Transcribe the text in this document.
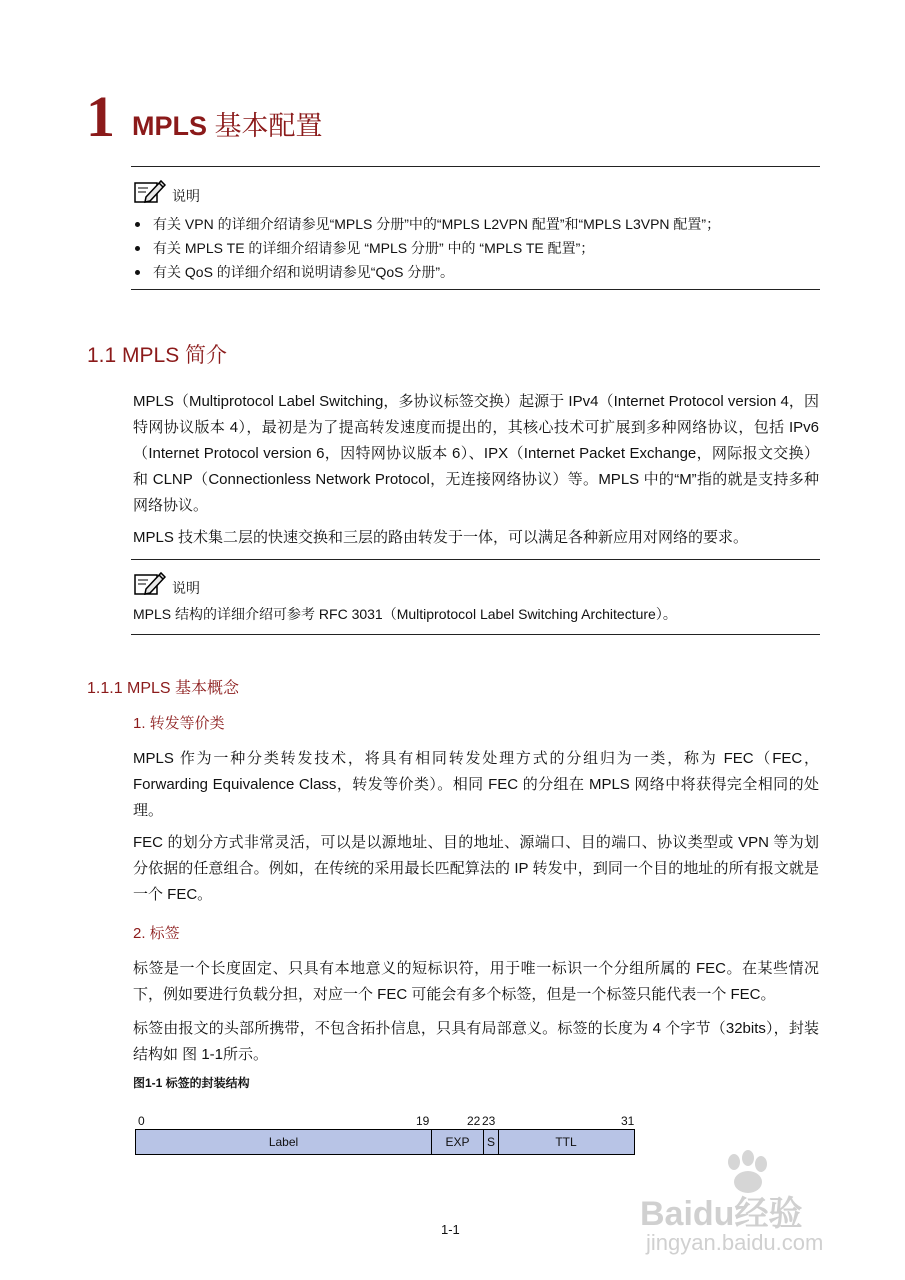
1 MPLS 基本配置
说明
有关 VPN 的详细介绍请参见“MPLS 分册”中的“MPLS L2VPN 配置”和“MPLS L3VPN 配置”；
有关 MPLS TE 的详细介绍请参见 “MPLS 分册” 中的 “MPLS TE 配置”；
有关 QoS 的详细介绍和说明请参见“QoS 分册”。
1.1 MPLS 简介
MPLS（Multiprotocol Label Switching，多协议标签交换）起源于 IPv4（Internet Protocol version 4，因特网协议版本 4），最初是为了提高转发速度而提出的，其核心技术可扩展到多种网络协议，包括 IPv6（Internet Protocol version 6，因特网协议版本 6）、IPX（Internet Packet Exchange，网际报文交换）和 CLNP（Connectionless Network Protocol，无连接网络协议）等。MPLS 中的“M”指的就是支持多种网络协议。
MPLS 技术集二层的快速交换和三层的路由转发于一体，可以满足各种新应用对网络的要求。
说明
MPLS 结构的详细介绍可参考 RFC 3031（Multiprotocol Label Switching Architecture）。
1.1.1 MPLS 基本概念
1. 转发等价类
MPLS 作为一种分类转发技术，将具有相同转发处理方式的分组归为一类，称为 FEC（FEC，Forwarding Equivalence Class，转发等价类）。相同 FEC 的分组在 MPLS 网络中将获得完全相同的处理。
FEC 的划分方式非常灵活，可以是以源地址、目的地址、源端口、目的端口、协议类型或 VPN 等为划分依据的任意组合。例如，在传统的采用最长匹配算法的 IP 转发中，到同一个目的地址的所有报文就是一个 FEC。
2. 标签
标签是一个长度固定、只具有本地意义的短标识符，用于唯一标识一个分组所属的 FEC。在某些情况下，例如要进行负载分担，对应一个 FEC 可能会有多个标签，但是一个标签只能代表一个 FEC。
标签由报文的头部所携带，不包含拓扑信息，只具有局部意义。标签的长度为 4 个字节（32bits），封装结构如 图 1-1所示。
图1-1 标签的封装结构
0	19	22 23	31
Label	EXP	S	TTL
1-1	Baidu经验
jingyan.baidu.com
